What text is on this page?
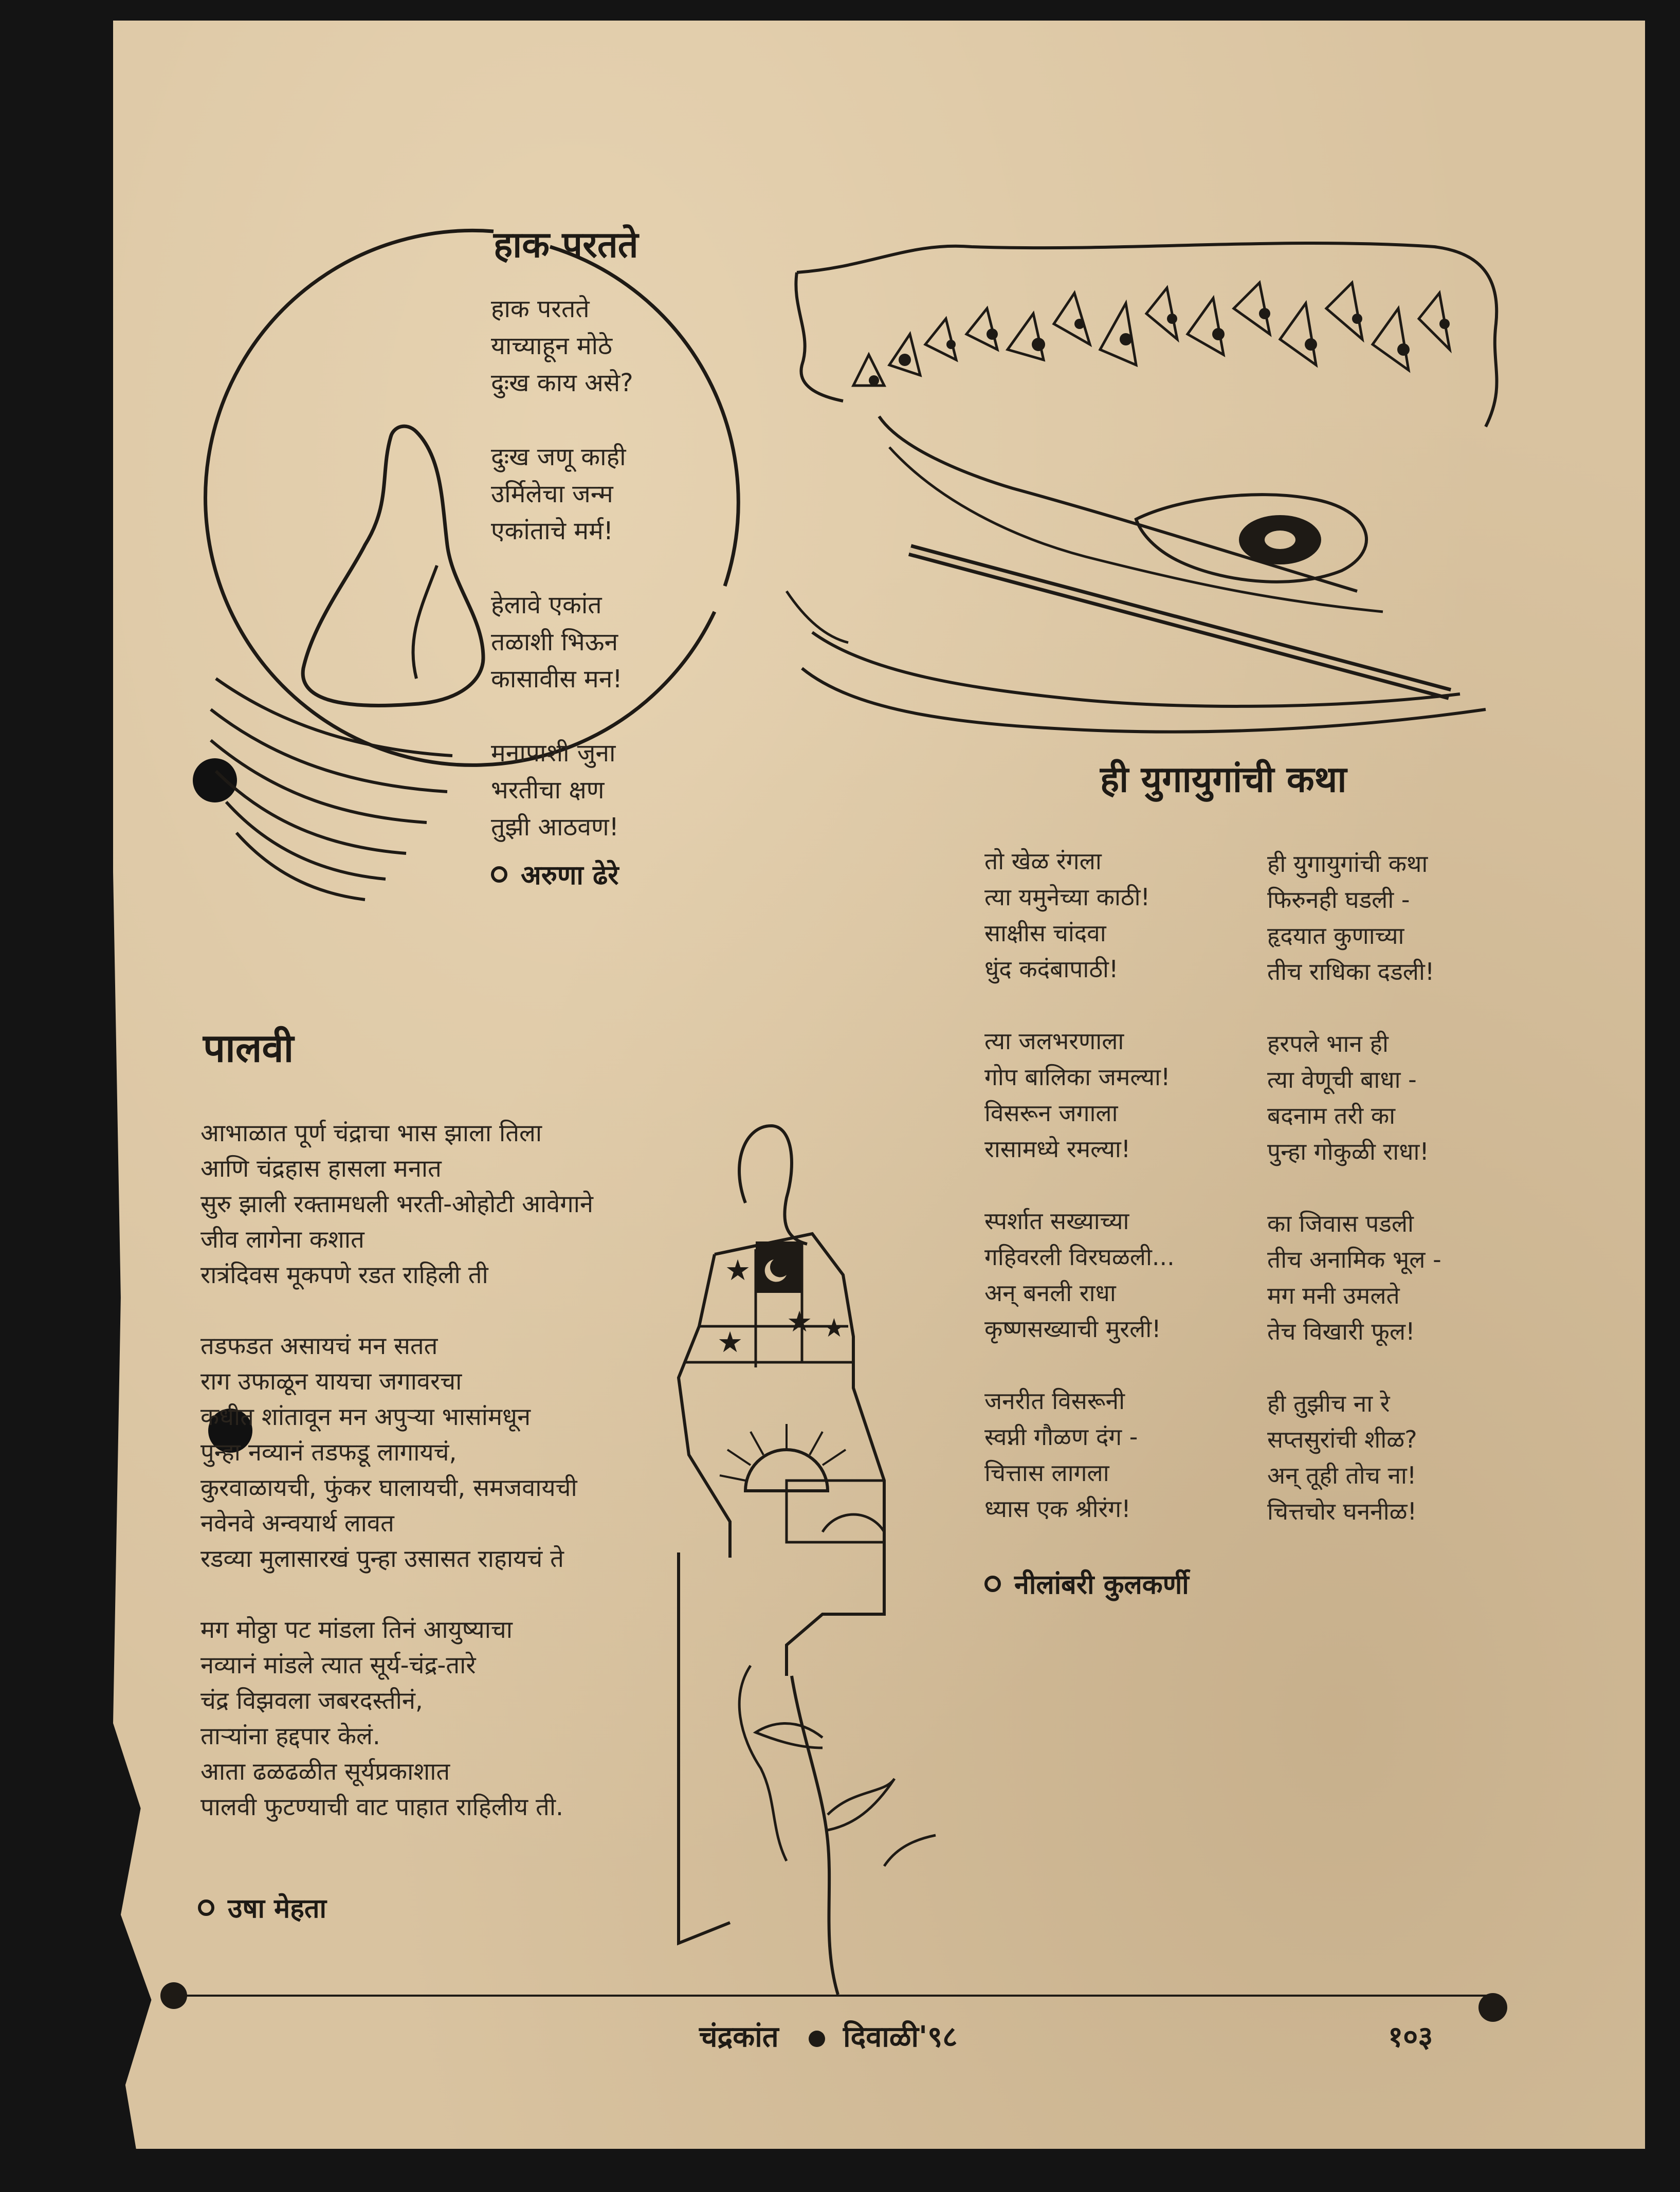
हाक परतते
हाक परतते
याच्याहून मोठे
दुःख काय असे?

दुःख जणू काही
उर्मिलेचा जन्म
एकांताचे मर्म!

हेलावे एकांत
तळाशी भिऊन
कासावीस मन!

मनापाशी जुना
भरतीचा क्षण
तुझी आठवण!
अरुणा ढेरे
ही युगायुगांची कथा
तो खेळ रंगला
त्या यमुनेच्या काठी!
साक्षीस चांदवा
धुंद कदंबापाठी!

त्या जलभरणाला
गोप बालिका जमल्या!
विसरून जगाला
रासामध्ये रमल्या!

स्पर्शात सख्याच्या
गहिवरली विरघळली...
अन् बनली राधा
कृष्णसख्याची मुरली!

जनरीत विसरूनी
स्वप्नी गौळण दंग -
चित्तास लागला
ध्यास एक श्रीरंग!
ही युगायुगांची कथा
फिरुनही घडली -
हृदयात कुणाच्या
तीच राधिका दडली!

हरपले भान ही
त्या वेणूची बाधा -
बदनाम तरी का
पुन्हा गोकुळी राधा!

का जिवास पडली
तीच अनामिक भूल -
मग मनी उमलते
तेच विखारी फूल!

ही तुझीच ना रे
सप्तसुरांची शीळ?
अन् तूही तोच ना!
चित्तचोर घननीळ!
नीलांबरी कुलकर्णी
पालवी
आभाळात पूर्ण चंद्राचा भास झाला तिला
आणि चंद्रहास हासला मनात
सुरु झाली रक्तामधली भरती-ओहोटी आवेगाने
जीव लागेना कशात
रात्रंदिवस मूकपणे रडत राहिली ती

तडफडत असायचं मन सतत
राग उफाळून यायचा जगावरचा
कधीत शांतावून मन अपुऱ्या भासांमधून
पुन्हा नव्यानं तडफडू लागायचं,
कुरवाळायची, फुंकर घालायची, समजवायची
नवेनवे अन्वयार्थ लावत
रडव्या मुलासारखं पुन्हा उसासत राहायचं ते

मग मोठ्ठा पट मांडला तिनं आयुष्याचा
नव्यानं मांडले त्यात सूर्य-चंद्र-तारे
चंद्र विझवला जबरदस्तीनं,
ताऱ्यांना हद्दपार केलं.
आता ढळढळीत सूर्यप्रकाशात
पालवी फुटण्याची वाट पाहात राहिलीय ती.
उषा मेहता
★
★ ★
★
चंद्रकांत दिवाळी'९८	१०३
